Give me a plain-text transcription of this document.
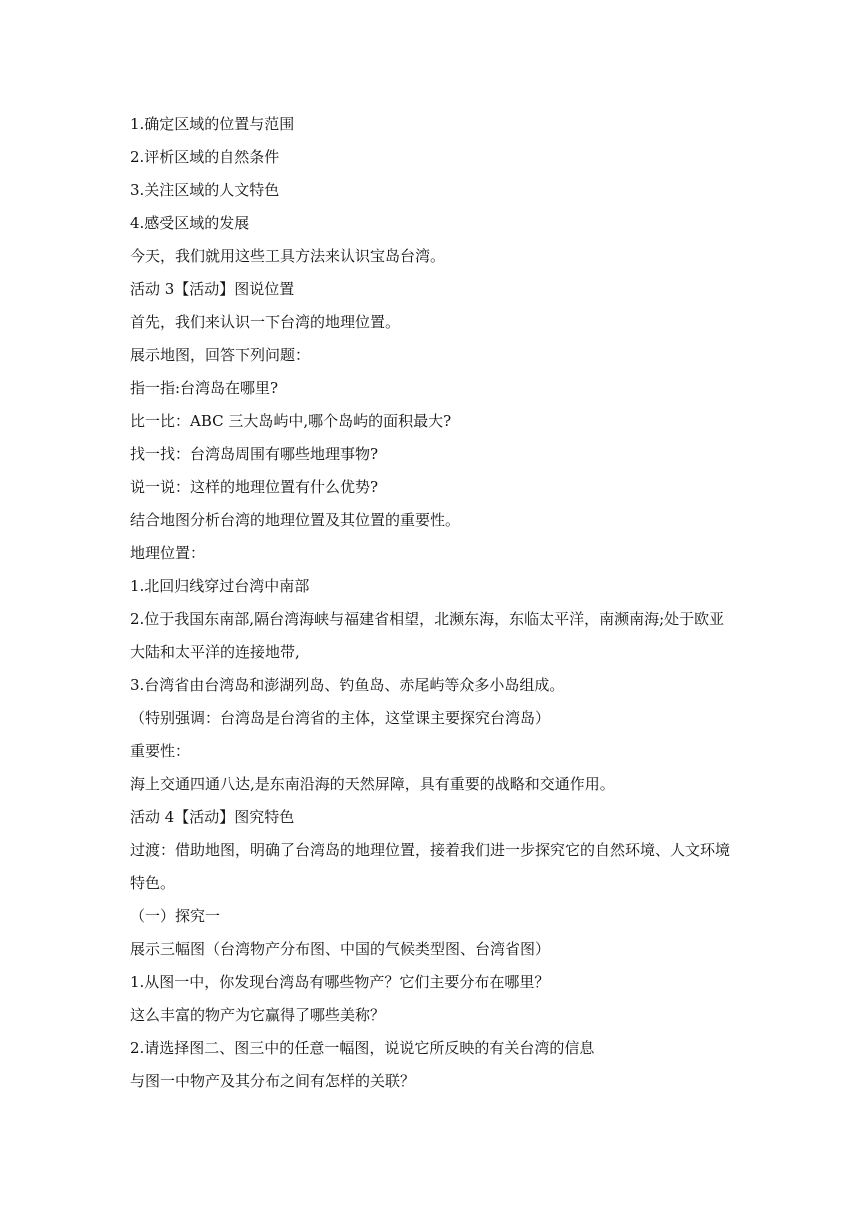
1.确定区域的位置与范围
2.评析区域的自然条件
3.关注区域的人文特色
4.感受区域的发展
今天，我们就用这些工具方法来认识宝岛台湾。
活动 3【活动】图说位置
首先，我们来认识一下台湾的地理位置。
展示地图，回答下列问题：
指一指:台湾岛在哪里?
比一比：ABC 三大岛屿中,哪个岛屿的面积最大?
找一找：台湾岛周围有哪些地理事物?
说一说：这样的地理位置有什么优势?
结合地图分析台湾的地理位置及其位置的重要性。
地理位置：
1.北回归线穿过台湾中南部
2.位于我国东南部,隔台湾海峡与福建省相望，北濒东海，东临太平洋，南濒南海;处于欧亚
大陆和太平洋的连接地带,
3.台湾省由台湾岛和澎湖列岛、钓鱼岛、赤尾屿等众多小岛组成。
（特别强调：台湾岛是台湾省的主体，这堂课主要探究台湾岛）
重要性：
海上交通四通八达,是东南沿海的天然屏障，具有重要的战略和交通作用。
活动 4【活动】图究特色
过渡：借助地图，明确了台湾岛的地理位置，接着我们进一步探究它的自然环境、人文环境
特色。
（一）探究一
展示三幅图（台湾物产分布图、中国的气候类型图、台湾省图）
1.从图一中，你发现台湾岛有哪些物产？它们主要分布在哪里？
这么丰富的物产为它赢得了哪些美称？
2.请选择图二、图三中的任意一幅图，说说它所反映的有关台湾的信息
与图一中物产及其分布之间有怎样的关联？
